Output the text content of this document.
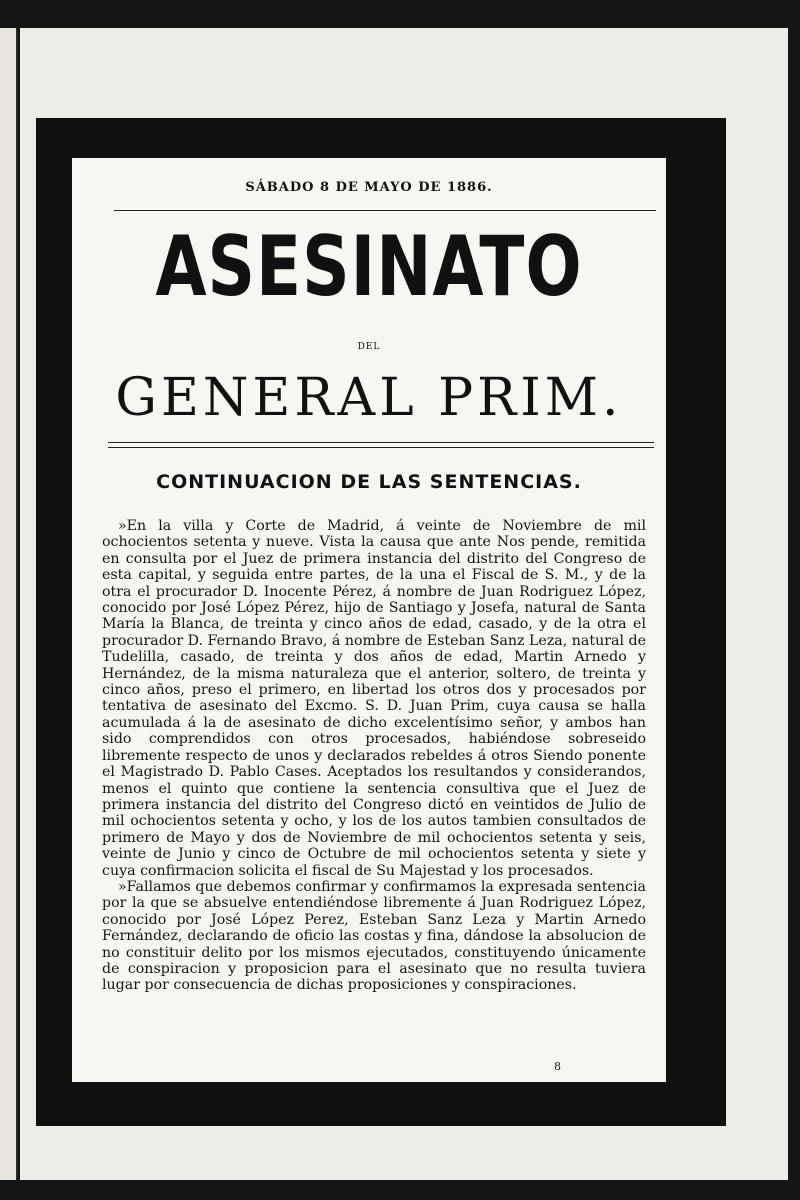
SÁBADO 8 DE MAYO DE 1886.
ASESINATO
DEL
GENERAL PRIM.
CONTINUACION DE LAS SENTENCIAS.

»En la villa y Corte de Madrid, á veinte de Noviembre de mil ochocientos setenta y nueve. Vista la causa que ante Nos pende, remitida en consulta por el Juez de primera instancia del distrito del Congreso de esta capital, y seguida entre partes, de la una el Fiscal de S. M., y de la otra el procurador D. Inocente Pérez, á nombre de Juan Rodriguez López, conocido por José López Pérez, hijo de Santiago y Josefa, natural de Santa María la Blanca, de treinta y cinco años de edad, casado, y de la otra el procurador D. Fernando Bravo, á nombre de Esteban Sanz Leza, natural de Tudelilla, casado, de treinta y dos años de edad, Martin Arnedo y Hernández, de la misma naturaleza que el anterior, soltero, de treinta y cinco años, preso el primero, en libertad los otros dos y procesados por tentativa de asesinato del Excmo. S. D. Juan Prim, cuya causa se halla acumulada á la de asesinato de dicho excelentísimo señor, y ambos han sido comprendidos con otros procesados, habiéndose sobreseido libremente respecto de unos y declarados rebeldes á otros Siendo ponente el Magistrado D. Pablo Cases. Aceptados los resultandos y considerandos, menos el quinto que contiene la sentencia consultiva que el Juez de primera instancia del distrito del Congreso dictó en veintidos de Julio de mil ochocientos setenta y ocho, y los de los autos tambien consultados de primero de Mayo y dos de Noviembre de mil ochocientos setenta y seis, veinte de Junio y cinco de Octubre de mil ochocientos setenta y siete y cuya confirmacion solicita el fiscal de Su Majestad y los procesados.

»Fallamos que debemos confirmar y confirmamos la expresada sentencia por la que se absuelve entendiéndose libremente á Juan Rodriguez López, conocido por José López Perez, Esteban Sanz Leza y Martin Arnedo Fernández, declarando de oficio las costas y fina, dándose la absolucion de no constituir delito por los mismos ejecutados, constituyendo únicamente de conspiracion y proposicion para el asesinato que no resulta tuviera lugar por consecuencia de dichas proposiciones y conspiraciones.

8
